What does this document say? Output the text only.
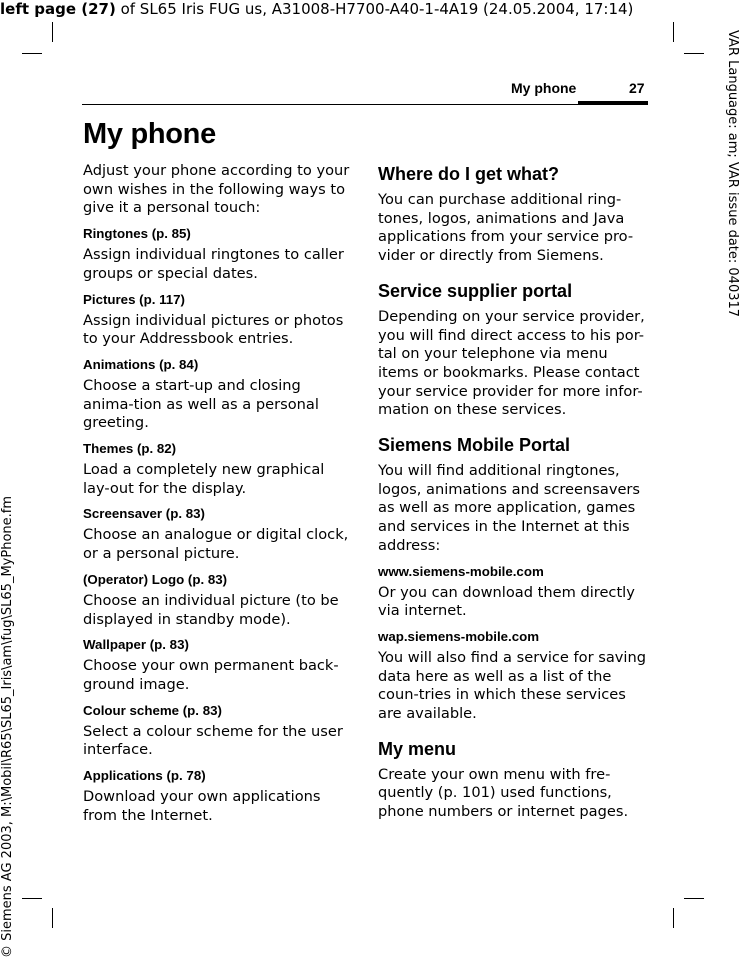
left page (27) of SL65 Iris FUG us, A31008-H7700-A40-1-4A19 (24.05.2004, 17:14)
VAR Language: am; VAR issue date: 040317
© Siemens AG 2003, M:\Mobil\R65\SL65_Iris\am\fug\SL65_MyPhone.fm
My phone	27
My phone

Adjust your phone according to your own wishes in the following ways to give it a personal touch:

Ringtones (p. 85)

Assign individual ringtones to caller groups or special dates.

Pictures (p. 117)

Assign individual pictures or photos to your Addressbook entries.

Animations (p. 84)

Choose a start-up and closing anima-tion as well as a personal greeting.

Themes (p. 82)

Load a completely new graphical lay-out for the display.

Screensaver (p. 83)

Choose an analogue or digital clock, or a personal picture.

(Operator) Logo (p. 83)

Choose an individual picture (to be displayed in standby mode).

Wallpaper (p. 83)

Choose your own permanent back-ground image.

Colour scheme (p. 83)

Select a colour scheme for the user interface.

Applications (p. 78)

Download your own applications from the Internet.

Where do I get what?

You can purchase additional ring-tones, logos, animations and Java applications from your service pro-vider or directly from Siemens.

Service supplier portal

Depending on your service provider, you will find direct access to his por-tal on your telephone via menu items or bookmarks. Please contact your service provider for more infor-mation on these services.

Siemens Mobile Portal

You will find additional ringtones, logos, animations and screensavers as well as more application, games and services in the Internet at this address:

www.siemens-mobile.com

Or you can download them directly via internet.

wap.siemens-mobile.com

You will also find a service for saving data here as well as a list of the coun-tries in which these services are available.

My menu

Create your own menu with fre-quently (p. 101) used functions, phone numbers or internet pages.
